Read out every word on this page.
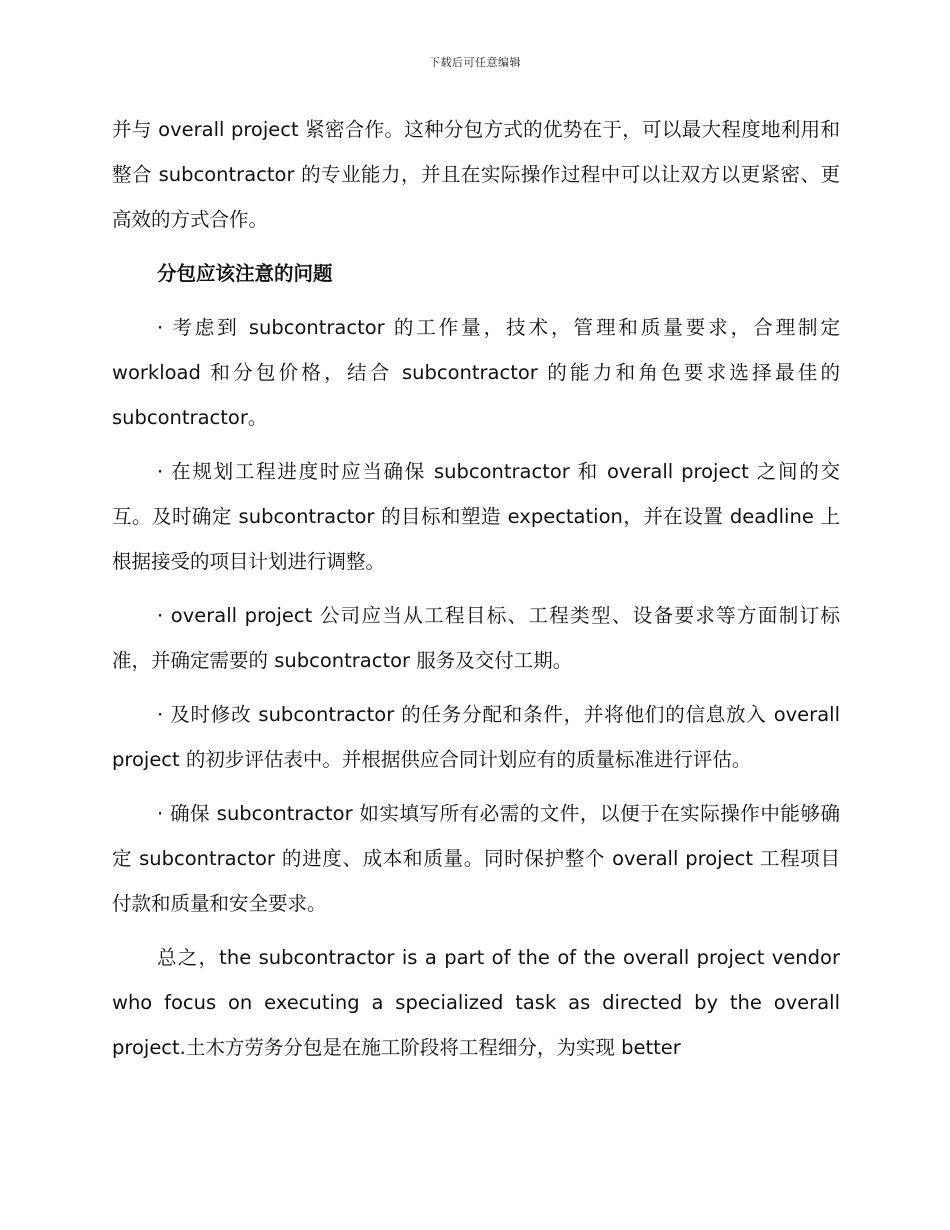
下载后可任意编辑

并与 overall project 紧密合作。这种分包方式的优势在于，可以最大程度地利用和整合 subcontractor 的专业能力，并且在实际操作过程中可以让双方以更紧密、更高效的方式合作。

分包应该注意的问题

· 考虑到 subcontractor 的工作量，技术，管理和质量要求，合理制定 workload 和分包价格，结合 subcontractor 的能力和角色要求选择最佳的 subcontractor。

· 在规划工程进度时应当确保 subcontractor 和 overall project 之间的交互。及时确定 subcontractor 的目标和塑造 expectation，并在设置 deadline 上根据接受的项目计划进行调整。

· overall project 公司应当从工程目标、工程类型、设备要求等方面制订标准，并确定需要的 subcontractor 服务及交付工期。

· 及时修改 subcontractor 的任务分配和条件，并将他们的信息放入 overall project 的初步评估表中。并根据供应合同计划应有的质量标准进行评估。

· 确保 subcontractor 如实填写所有必需的文件，以便于在实际操作中能够确定 subcontractor 的进度、成本和质量。同时保护整个 overall project 工程项目付款和质量和安全要求。

总之，the subcontractor is a part of the of the overall project vendor who focus on executing a specialized task as directed by the overall project.土木方劳务分包是在施工阶段将工程细分，为实现 better
